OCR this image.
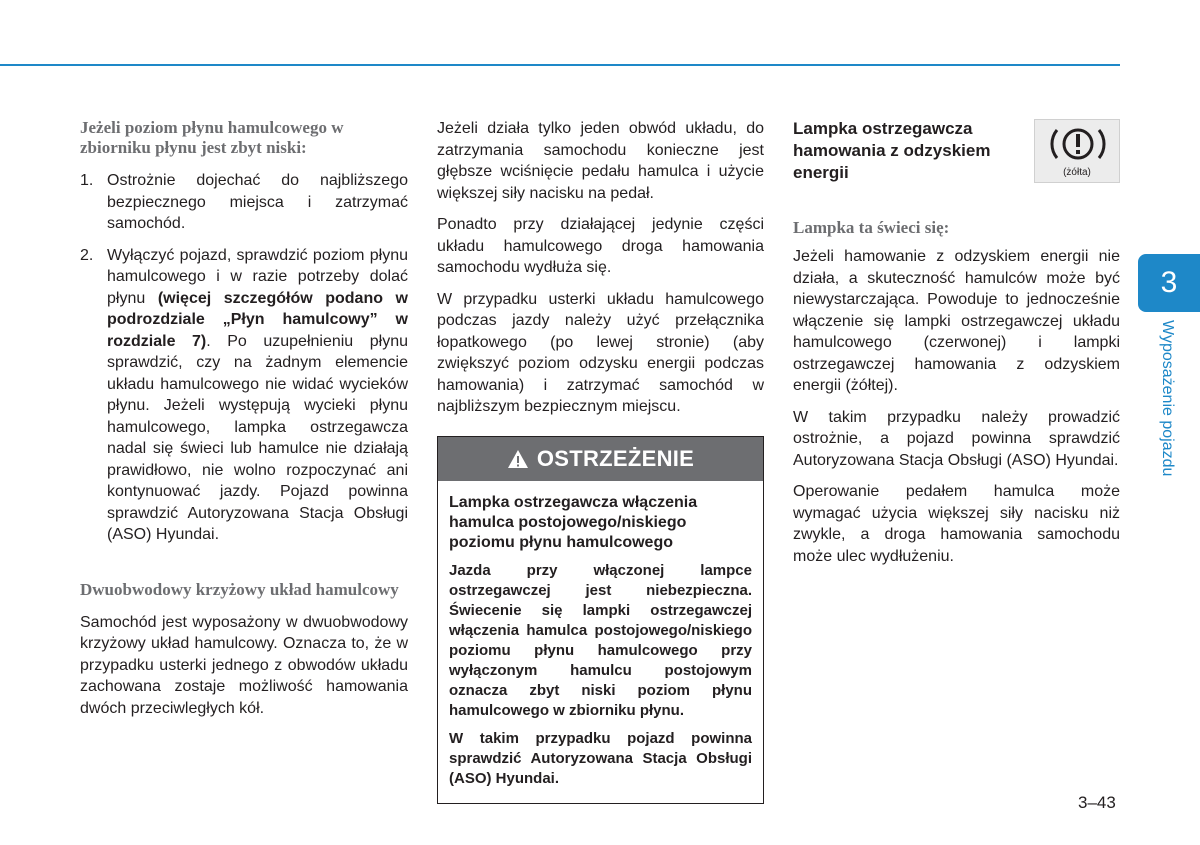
Jeżeli poziom płynu hamulcowego w zbiorniku płynu jest zbyt niski:
1. Ostrożnie dojechać do najbliższego bezpiecznego miejsca i zatrzymać samochód.
2. Wyłączyć pojazd, sprawdzić poziom płynu hamulcowego i w razie potrzeby dolać płynu (więcej szczegółów podano w podrozdziale „Płyn hamulcowy” w rozdziale 7). Po uzupełnieniu płynu sprawdzić, czy na żadnym elemencie układu hamulcowego nie widać wycieków płynu. Jeżeli występują wycieki płynu hamulcowego, lampka ostrzegawcza nadal się świeci lub hamulce nie działają prawidłowo, nie wolno rozpoczynać ani kontynuować jazdy. Pojazd powinna sprawdzić Autoryzowana Stacja Obsługi (ASO) Hyundai.
Dwuobwodowy krzyżowy układ hamulcowy

Samochód jest wyposażony w dwuobwodowy krzyżowy układ hamulcowy. Oznacza to, że w przypadku usterki jednego z obwodów układu zachowana zostaje możliwość hamowania dwóch przeciwległych kół.

Jeżeli działa tylko jeden obwód układu, do zatrzymania samochodu konieczne jest głębsze wciśnięcie pedału hamulca i użycie większej siły nacisku na pedał.

Ponadto przy działającej jedynie części układu hamulcowego droga hamowania samochodu wydłuża się.

W przypadku usterki układu hamulcowego podczas jazdy należy użyć przełącznika łopatkowego (po lewej stronie) (aby zwiększyć poziom odzysku energii podczas hamowania) i zatrzymać samochód w najbliższym bezpiecznym miejscu.

OSTRZEŻENIE

Lampka ostrzegawcza włączenia hamulca postojowego/niskiego poziomu płynu hamulcowego

Jazda przy włączonej lampce ostrzegawczej jest niebezpieczna. Świecenie się lampki ostrzegawczej włączenia hamulca postojowego/niskiego poziomu płynu hamulcowego przy wyłączonym hamulcu postojowym oznacza zbyt niski poziom płynu hamulcowego w zbiorniku płynu.

W takim przypadku pojazd powinna sprawdzić Autoryzowana Stacja Obsługi (ASO) Hyundai.

Lampka ostrzegawcza hamowania z odzyskiem energii
Lampka ta świeci się:

Jeżeli hamowanie z odzyskiem energii nie działa, a skuteczność hamulców może być niewystarczająca. Powoduje to jednocześnie włączenie się lampki ostrzegawczej układu hamulcowego (czerwonej) i lampki ostrzegawczej hamowania z odzyskiem energii (żółtej).

W takim przypadku należy prowadzić ostrożnie, a pojazd powinna sprawdzić Autoryzowana Stacja Obsługi (ASO) Hyundai.

Operowanie pedałem hamulca może wymagać użycia większej siły nacisku niż zwykle, a droga hamowania samochodu może ulec wydłużeniu.

(żółta)
3
Wyposażenie pojazdu
3–43
